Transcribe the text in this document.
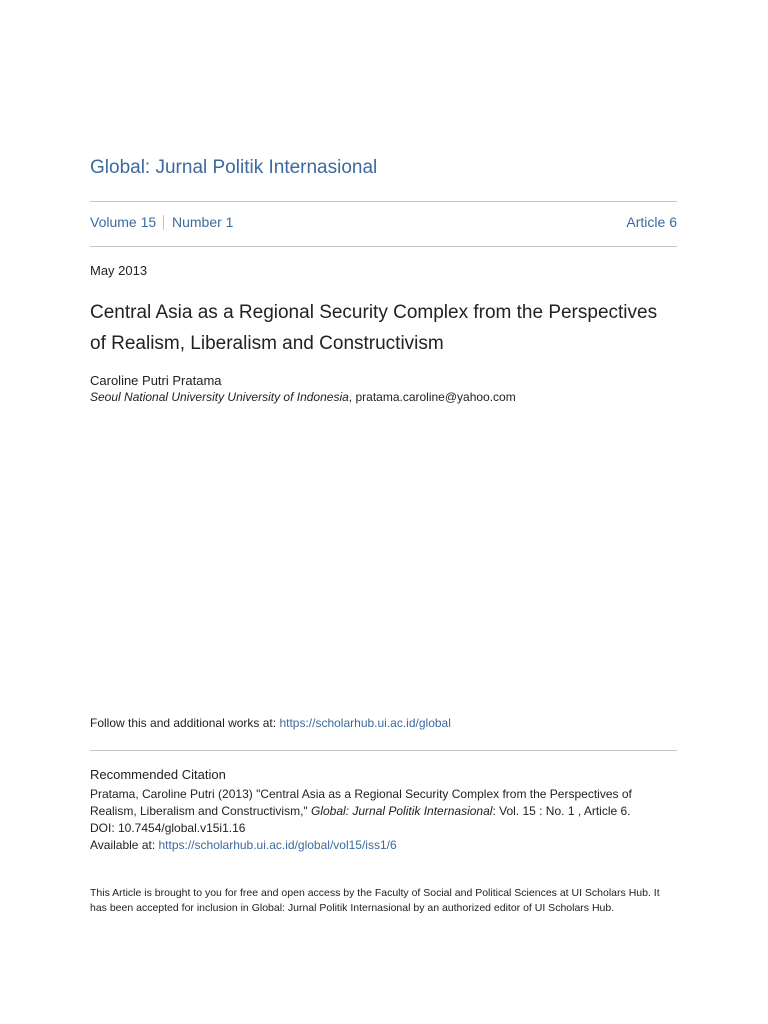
Global: Jurnal Politik Internasional
Volume 15 Number 1	Article 6
May 2013
Central Asia as a Regional Security Complex from the Perspectives of Realism, Liberalism and Constructivism
Caroline Putri Pratama
Seoul National University University of Indonesia, pratama.caroline@yahoo.com
Follow this and additional works at: https://scholarhub.ui.ac.id/global
Recommended Citation
Pratama, Caroline Putri (2013) "Central Asia as a Regional Security Complex from the Perspectives of Realism, Liberalism and Constructivism," Global: Jurnal Politik Internasional: Vol. 15 : No. 1 , Article 6.
DOI: 10.7454/global.v15i1.16
Available at: https://scholarhub.ui.ac.id/global/vol15/iss1/6
This Article is brought to you for free and open access by the Faculty of Social and Political Sciences at UI Scholars Hub. It has been accepted for inclusion in Global: Jurnal Politik Internasional by an authorized editor of UI Scholars Hub.
